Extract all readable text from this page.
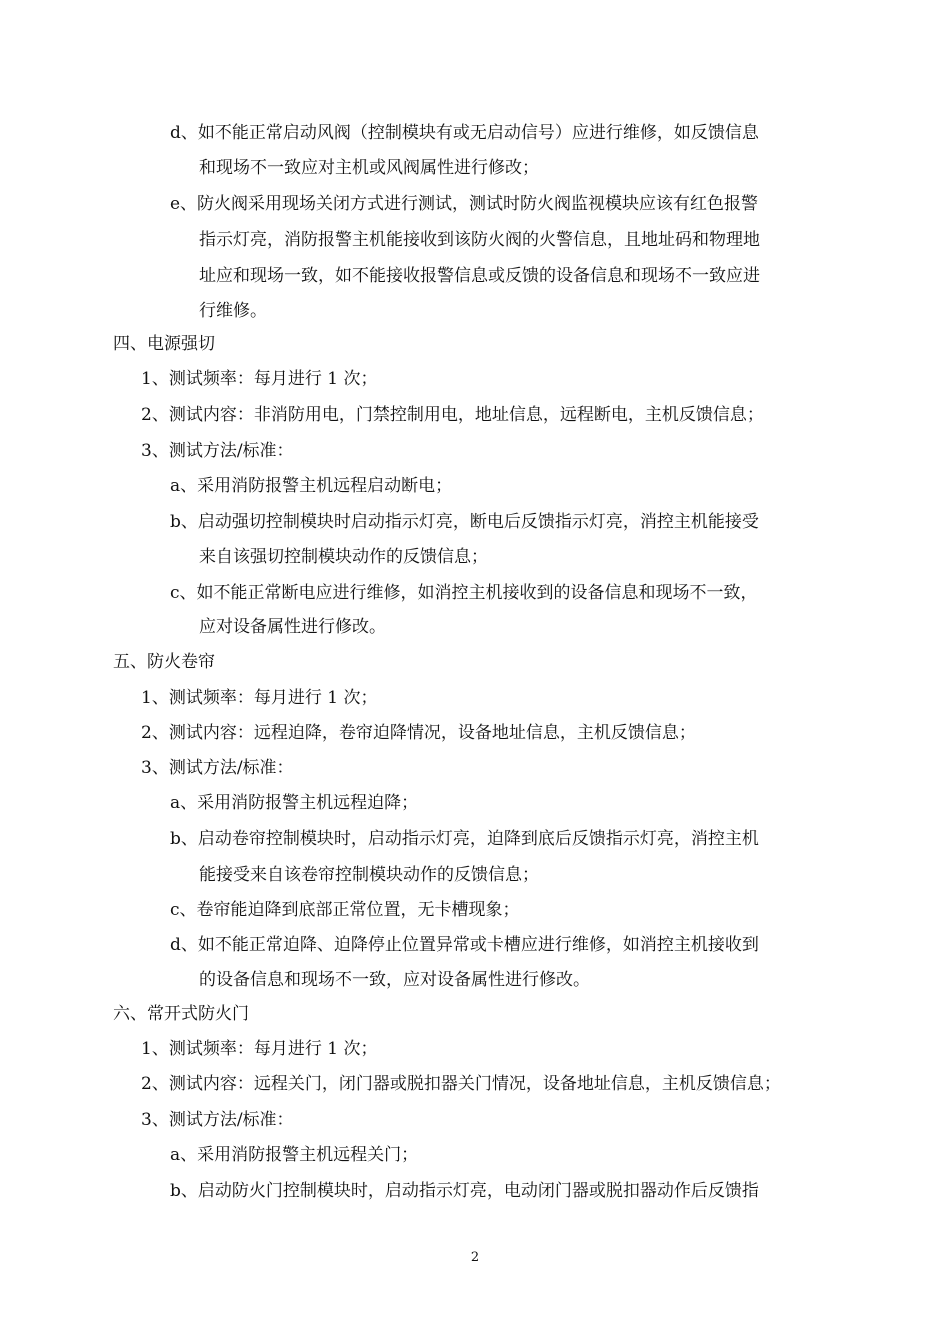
d、如不能正常启动风阀（控制模块有或无启动信号）应进行维修，如反馈信息
和现场不一致应对主机或风阀属性进行修改；
e、防火阀采用现场关闭方式进行测试，测试时防火阀监视模块应该有红色报警
指示灯亮，消防报警主机能接收到该防火阀的火警信息，且地址码和物理地
址应和现场一致，如不能接收报警信息或反馈的设备信息和现场不一致应进
行维修。
四、电源强切
1、测试频率：每月进行 1 次；
2、测试内容：非消防用电，门禁控制用电，地址信息，远程断电，主机反馈信息；
3、测试方法/标准：
a、采用消防报警主机远程启动断电；
b、启动强切控制模块时启动指示灯亮，断电后反馈指示灯亮，消控主机能接受
来自该强切控制模块动作的反馈信息；
c、如不能正常断电应进行维修，如消控主机接收到的设备信息和现场不一致，
应对设备属性进行修改。
五、防火卷帘
1、测试频率：每月进行 1 次；
2、测试内容：远程迫降，卷帘迫降情况，设备地址信息，主机反馈信息；
3、测试方法/标准：
a、采用消防报警主机远程迫降；
b、启动卷帘控制模块时，启动指示灯亮，迫降到底后反馈指示灯亮，消控主机
能接受来自该卷帘控制模块动作的反馈信息；
c、卷帘能迫降到底部正常位置，无卡槽现象；
d、如不能正常迫降、迫降停止位置异常或卡槽应进行维修，如消控主机接收到
的设备信息和现场不一致，应对设备属性进行修改。
六、常开式防火门
1、测试频率：每月进行 1 次；
2、测试内容：远程关门，闭门器或脱扣器关门情况，设备地址信息，主机反馈信息；
3、测试方法/标准：
a、采用消防报警主机远程关门；
b、启动防火门控制模块时，启动指示灯亮，电动闭门器或脱扣器动作后反馈指
2
